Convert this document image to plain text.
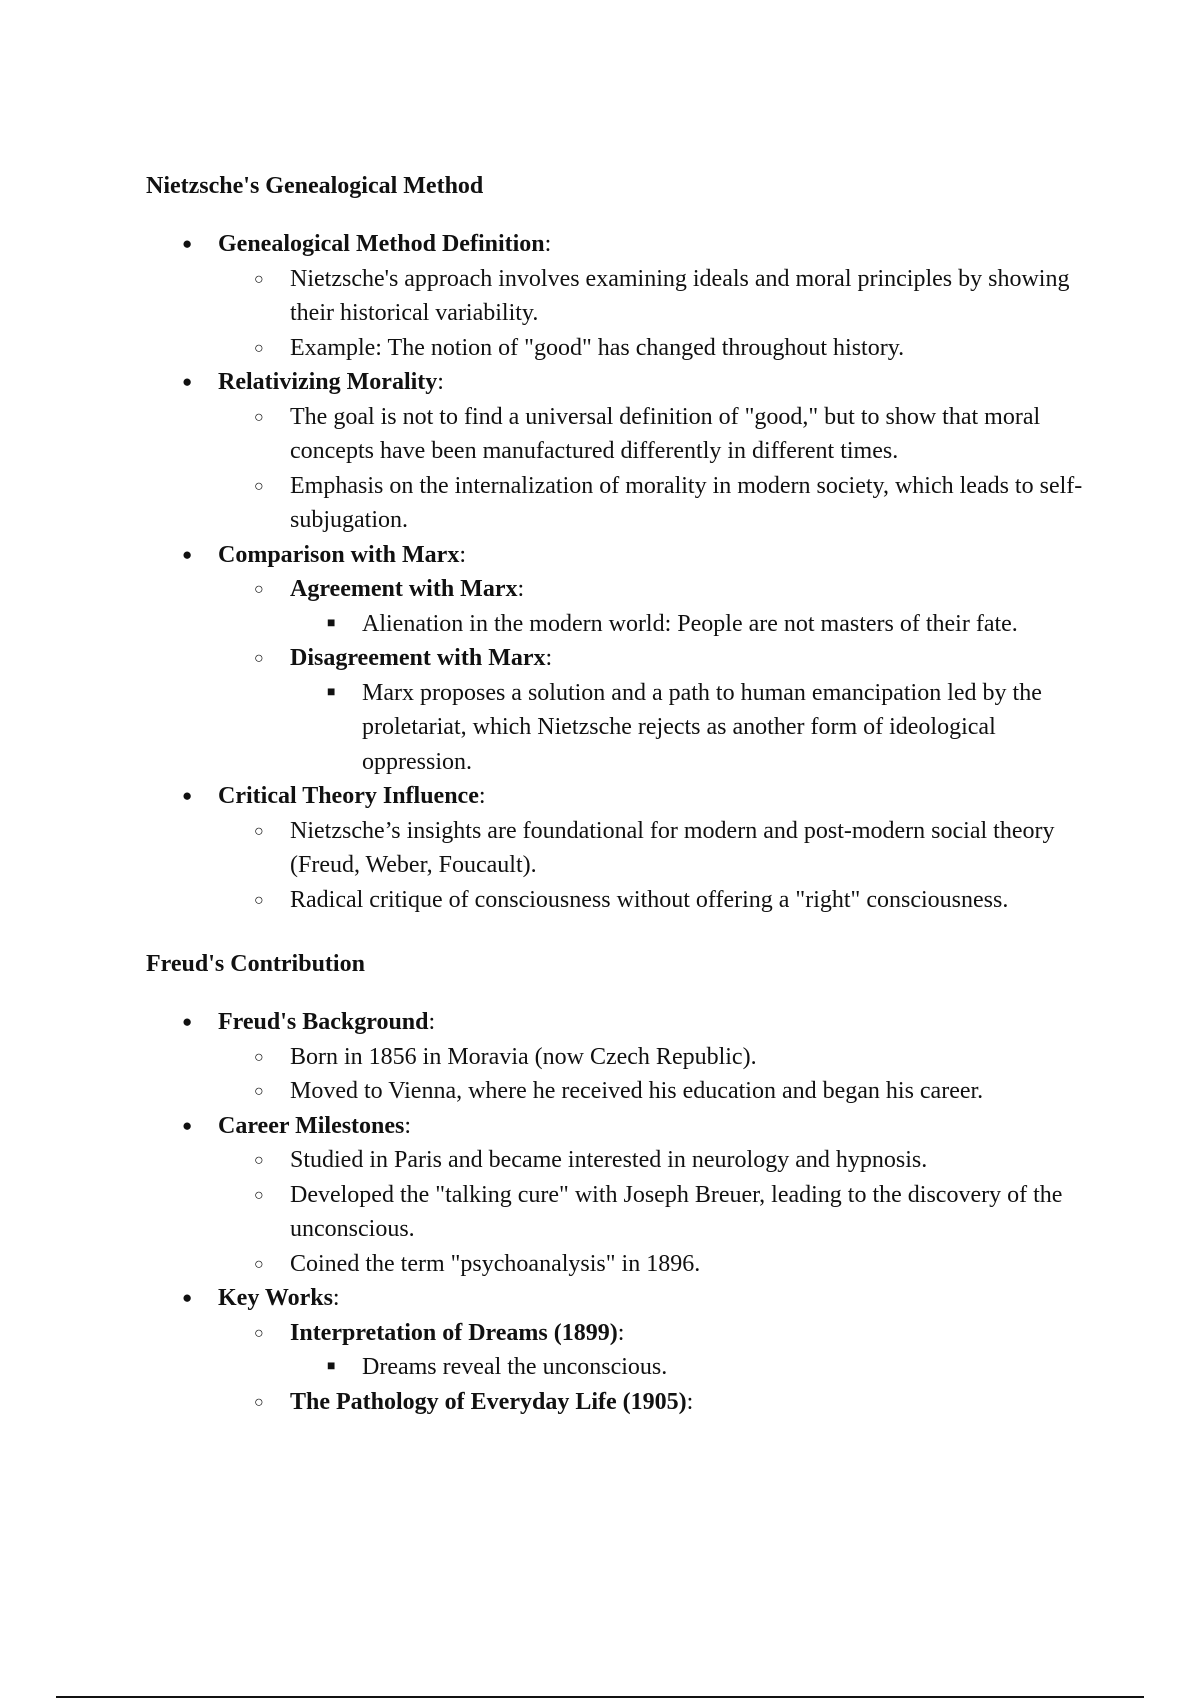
Nietzsche's Genealogical Method
● Genealogical Method Definition:
○ Nietzsche's approach involves examining ideals and moral principles by showing their historical variability.
○ Example: The notion of "good" has changed throughout history.
● Relativizing Morality:
○ The goal is not to find a universal definition of "good," but to show that moral concepts have been manufactured differently in different times.
○ Emphasis on the internalization of morality in modern society, which leads to self-subjugation.
● Comparison with Marx:
○ Agreement with Marx:
■ Alienation in the modern world: People are not masters of their fate.
○ Disagreement with Marx:
■ Marx proposes a solution and a path to human emancipation led by the proletariat, which Nietzsche rejects as another form of ideological oppression.
● Critical Theory Influence:
○ Nietzsche’s insights are foundational for modern and post-modern social theory (Freud, Weber, Foucault).
○ Radical critique of consciousness without offering a "right" consciousness.
Freud's Contribution
● Freud's Background:
○ Born in 1856 in Moravia (now Czech Republic).
○ Moved to Vienna, where he received his education and began his career.
● Career Milestones:
○ Studied in Paris and became interested in neurology and hypnosis.
○ Developed the "talking cure" with Joseph Breuer, leading to the discovery of the unconscious.
○ Coined the term "psychoanalysis" in 1896.
● Key Works:
○ Interpretation of Dreams (1899):
■ Dreams reveal the unconscious.
○ The Pathology of Everyday Life (1905):
